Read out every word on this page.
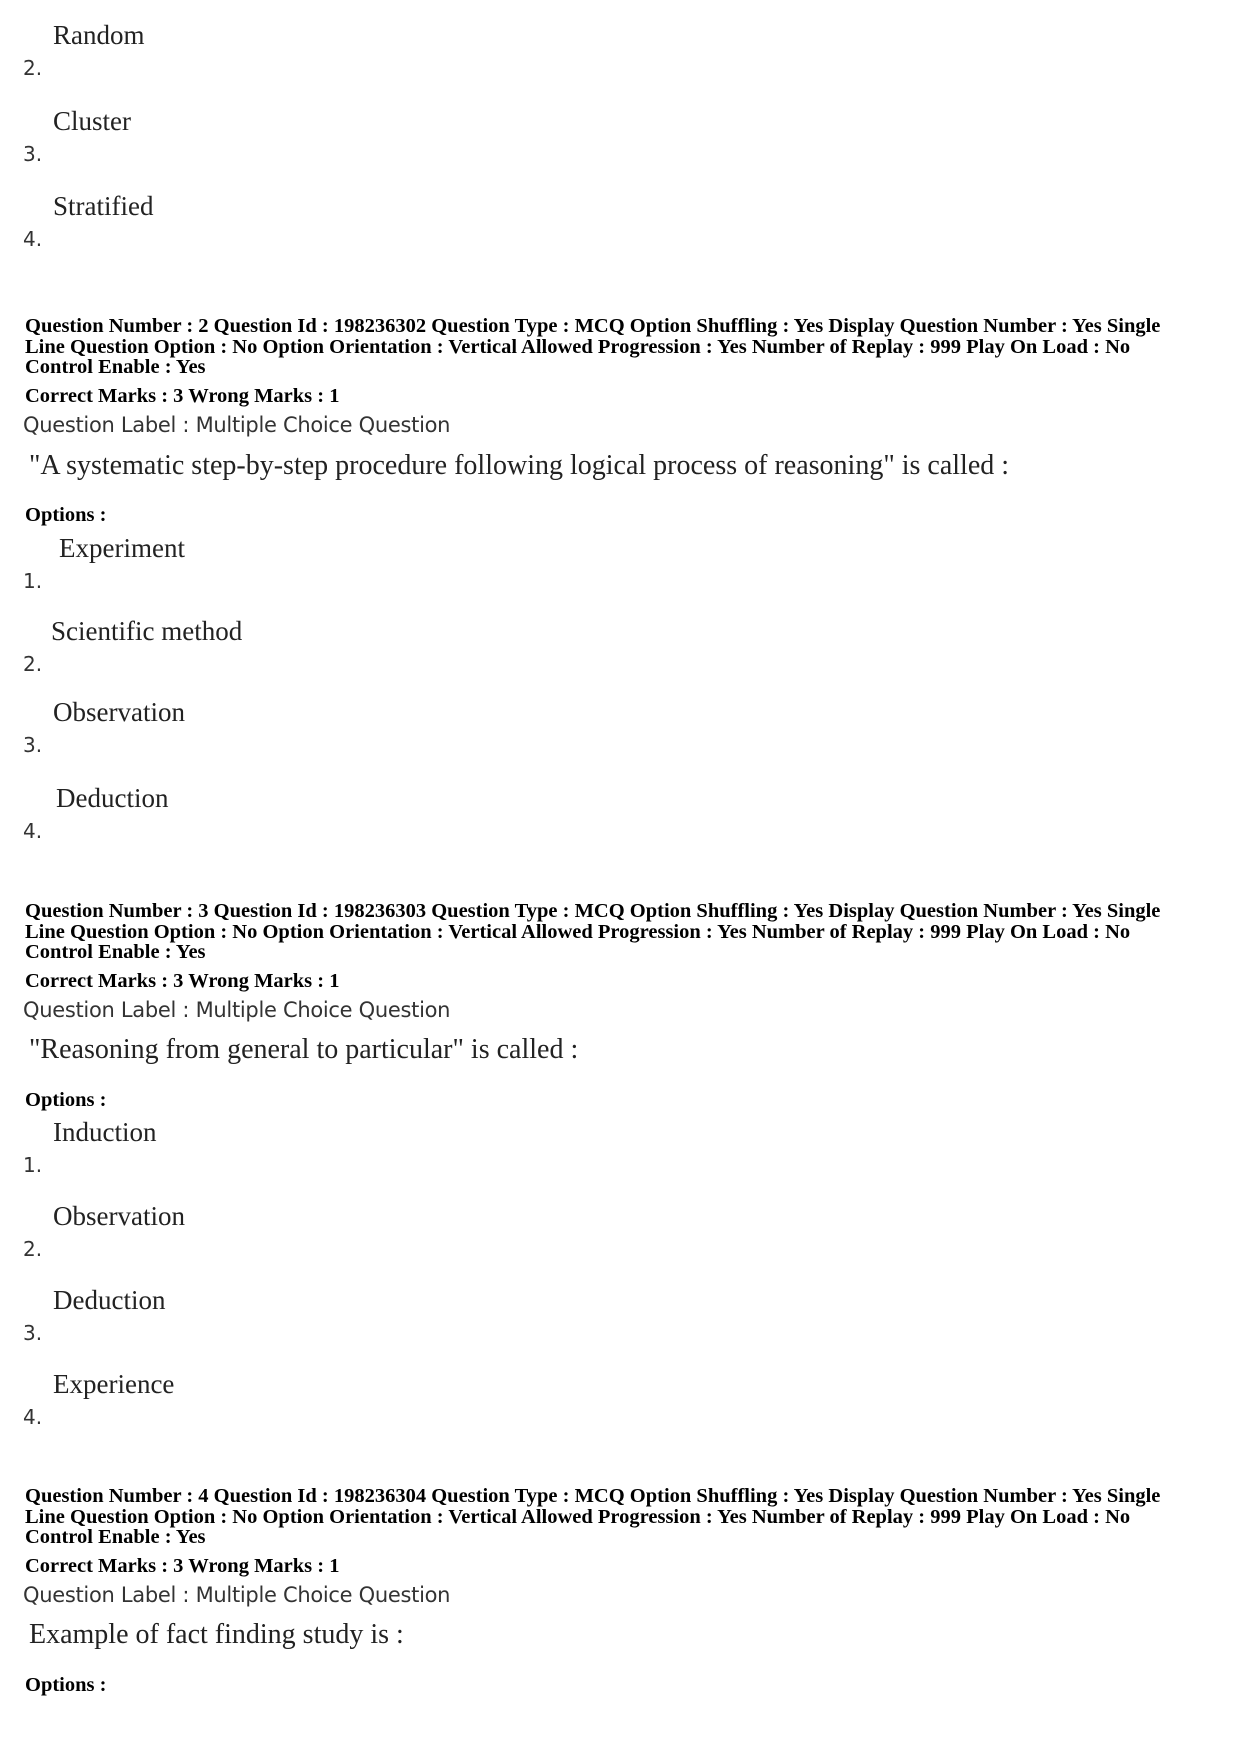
2.
Random
3.
Cluster
4.
Stratified
Question Number : 2 Question Id : 198236302 Question Type : MCQ Option Shuffling : Yes Display Question Number : Yes Single
Line Question Option : No Option Orientation : Vertical Allowed Progression : Yes Number of Replay : 999 Play On Load : No
Control Enable : Yes
Correct Marks : 3 Wrong Marks : 1
Question Label : Multiple Choice Question
"A systematic step-by-step procedure following logical process of reasoning" is called :
Options :
1.
Experiment
2.
Scientific method
3.
Observation
4.
Deduction
Question Number : 3 Question Id : 198236303 Question Type : MCQ Option Shuffling : Yes Display Question Number : Yes Single
Line Question Option : No Option Orientation : Vertical Allowed Progression : Yes Number of Replay : 999 Play On Load : No
Control Enable : Yes
Correct Marks : 3 Wrong Marks : 1
Question Label : Multiple Choice Question
"Reasoning from general to particular" is called :
Options :
1.
Induction
2.
Observation
3.
Deduction
4.
Experience
Question Number : 4 Question Id : 198236304 Question Type : MCQ Option Shuffling : Yes Display Question Number : Yes Single
Line Question Option : No Option Orientation : Vertical Allowed Progression : Yes Number of Replay : 999 Play On Load : No
Control Enable : Yes
Correct Marks : 3 Wrong Marks : 1
Question Label : Multiple Choice Question
Example of fact finding study is :
Options :
